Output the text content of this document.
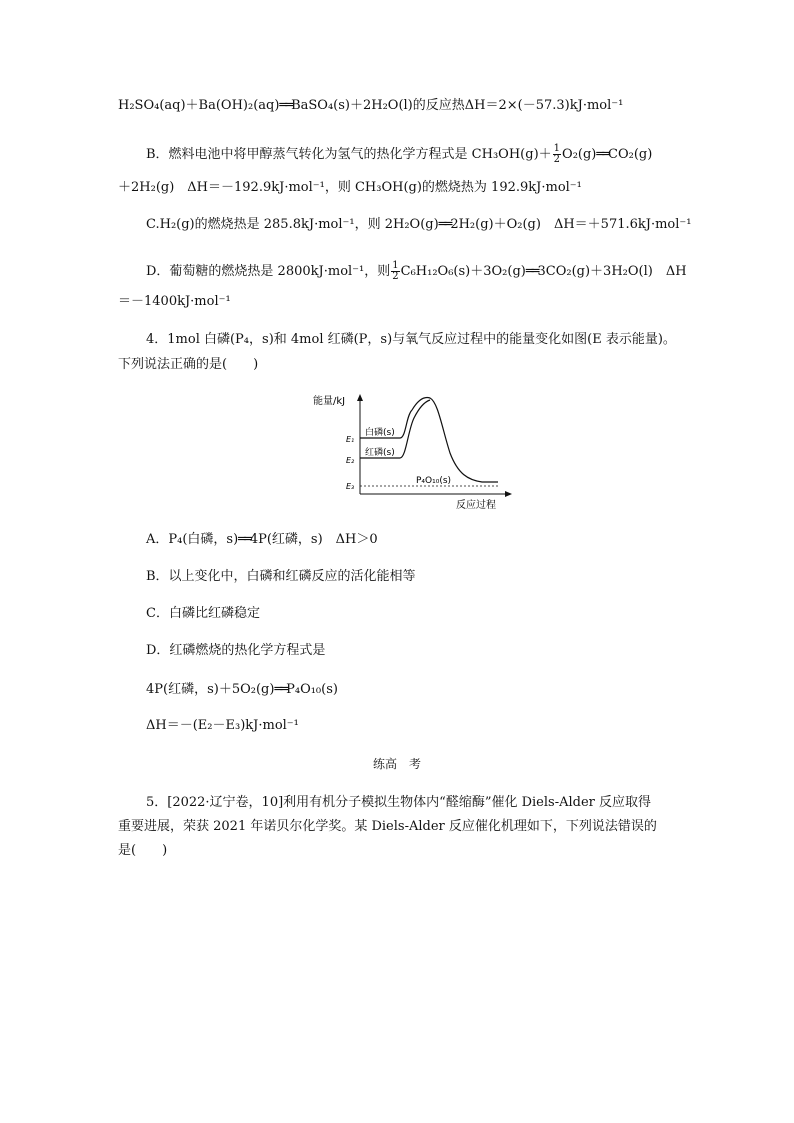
H₂SO₄(aq)＋Ba(OH)₂(aq)══BaSO₄(s)＋2H₂O(l)的反应热ΔH＝2×(－57.3)kJ·mol⁻¹
B．燃料电池中将甲醇蒸气转化为氢气的热化学方程式是 $CH_3OH(g)+ \frac{1}{2}$ O₂(g)══CO₂(g)
＋2H₂(g)　ΔH＝－192.9kJ·mol⁻¹，则 CH₃OH(g)的燃烧热为 192.9kJ·mol⁻¹
C.H₂(g)的燃烧热是 285.8kJ·mol⁻¹，则 2H₂O(g)══2H₂(g)＋O₂(g)　ΔH＝＋571.6kJ·mol⁻¹
D．葡萄糖的燃烧热是 2800kJ·mol⁻¹，则 $\frac{1}{2}$ C₆H₁₂O₆(s)＋3O₂(g)══3CO₂(g)＋3H₂O(l)　ΔH
＝－1400kJ·mol⁻¹
4．1mol 白磷(P₄，s)和 4mol 红磷(P，s)与氧气反应过程中的能量变化如图(E 表示能量)。
下列说法正确的是(　　)
能量/kJ
反应过程
E₁
E₂
E₃
白磷(s)
红磷(s)
P₄O₁₀(s)
A．P₄(白磷，s)══4P(红磷，s)　ΔH＞0
B．以上变化中，白磷和红磷反应的活化能相等
C．白磷比红磷稳定
D．红磷燃烧的热化学方程式是
4P(红磷，s)＋5O₂(g)══P₄O₁₀(s)
ΔH＝－(E₂－E₃)kJ·mol⁻¹
练高　考
5．[2022·辽宁卷，10]利用有机分子模拟生物体内“醛缩酶”催化 Diels-Alder 反应取得
重要进展，荣获 2021 年诺贝尔化学奖。某 Diels-Alder 反应催化机理如下，下列说法错误的
是(　　)
